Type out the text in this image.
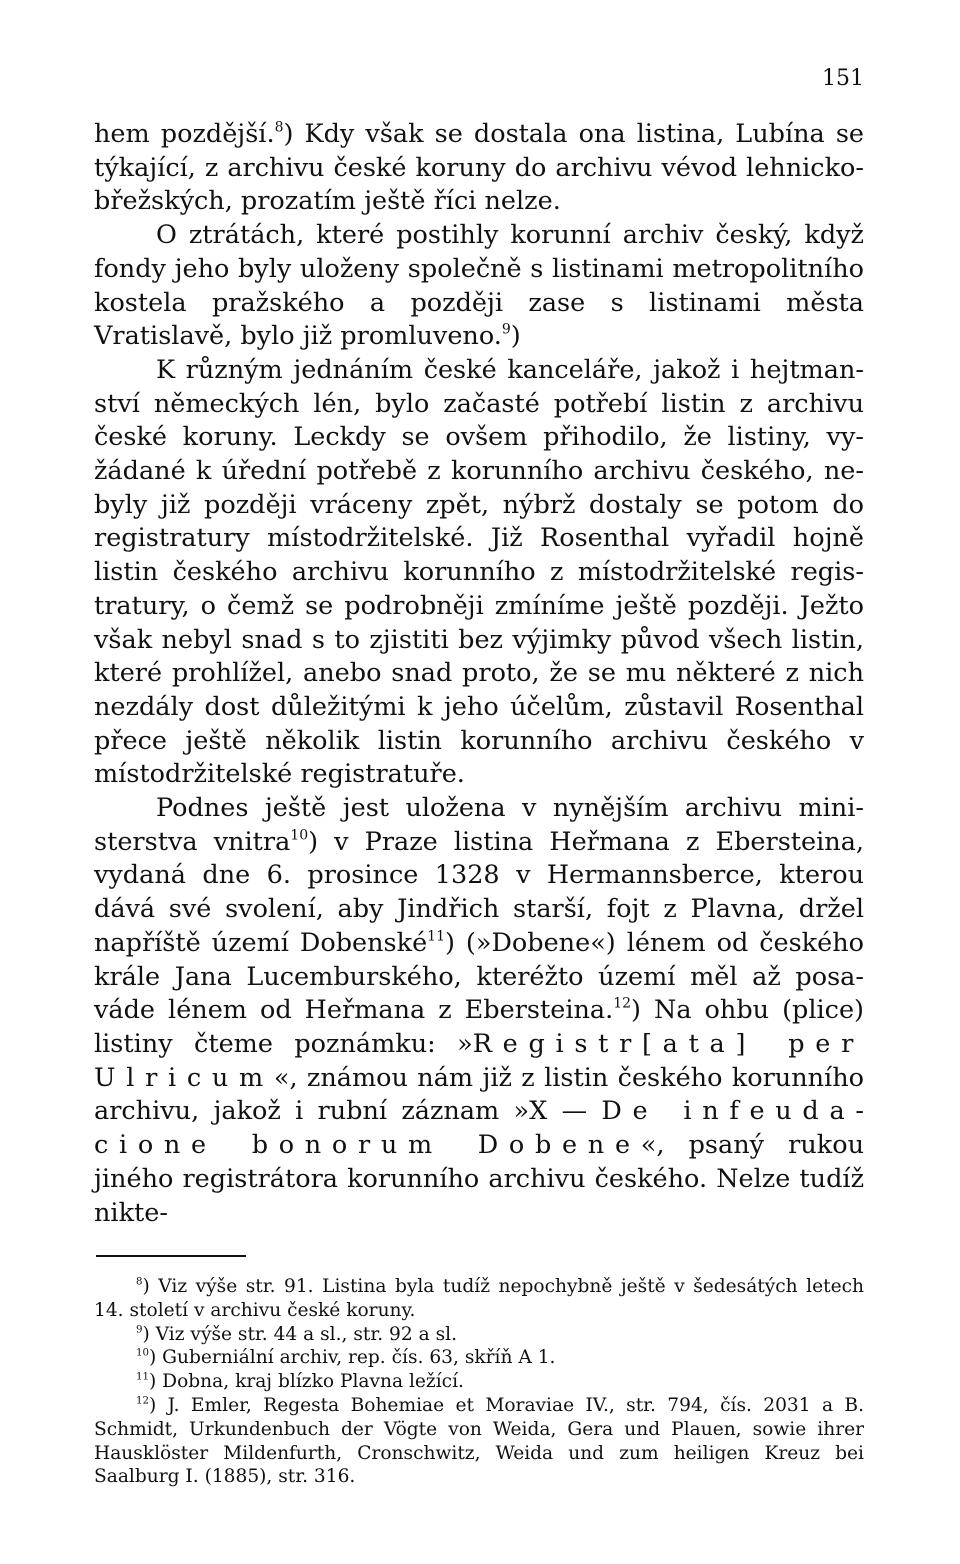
151

hem pozdější.$^8$) Kdy však se dostala ona listina, Lubína se týkající, z archivu české koruny do archivu vévod lehnicko-břežských, prozatím ještě říci nelze.

O ztrátách, které postihly korunní archiv český, když fondy jeho byly uloženy společně s listinami metropolitního kostela pražského a později zase s listinami města Vratislavě, bylo již promluveno.$^9$)

K různým jednáním české kanceláře, jakož i hejtmanství německých lén, bylo začasté potřebí listin z archivu české koruny. Leckdy se ovšem přihodilo, že listiny, vyžádané k úřední potřebě z korunního archivu českého, nebyly již později vráceny zpět, nýbrž dostaly se potom do registratury místodržitelské. Již Rosenthal vyřadil hojně listin českého archivu korunního z místodržitelské registratury, o čemž se podrobněji zmíníme ještě později. Ježto však nebyl snad s to zjistiti bez výjimky původ všech listin, které prohlížel, anebo snad proto, že se mu některé z nich nezdály dost důležitými k jeho účelům, zůstavil Rosenthal přece ještě několik listin korunního archivu českého v místodržitelské registratuře.

Podnes ještě jest uložena v nynějším archivu ministerstva vnitra$^{10}$) v Praze listina Heřmana z Ebersteina, vydaná dne 6. prosince 1328 v Hermannsberce, kterou dává své svolení, aby Jindřich starší, fojt z Plavna, držel napříště území Dobenské$^{11}$) (»Dobene«) lénem od českého krále Jana Lucemburského, kteréžto území měl až posaváde lénem od Heřmana z Ebersteina.$^{12}$) Na ohbu (plice) listiny čteme poznámku: »Registr[ata] per Ulricum«, známou nám již z listin českého korunního archivu, jakož i rubní záznam »X — De infeudacione bonorum Dobene«, psaný rukou jiného registrátora korunního archivu českého. Nelze tudíž nikte-

$^8$) Viz výše str. 91. Listina byla tudíž nepochybně ještě v šedesátých letech 14. století v archivu české koruny.

$^9$) Viz výše str. 44 a sl., str. 92 a sl.

$^{10}$) Guberniální archiv, rep. čís. 63, skříň A 1.

$^{11}$) Dobna, kraj blízko Plavna ležící.

$^{12}$) J. Emler, Regesta Bohemiae et Moraviae IV., str. 794, čís. 2031 a B. Schmidt, Urkundenbuch der Vögte von Weida, Gera und Plauen, sowie ihrer Hausklöster Mildenfurth, Cronschwitz, Weida und zum heiligen Kreuz bei Saalburg I. (1885), str. 316.
